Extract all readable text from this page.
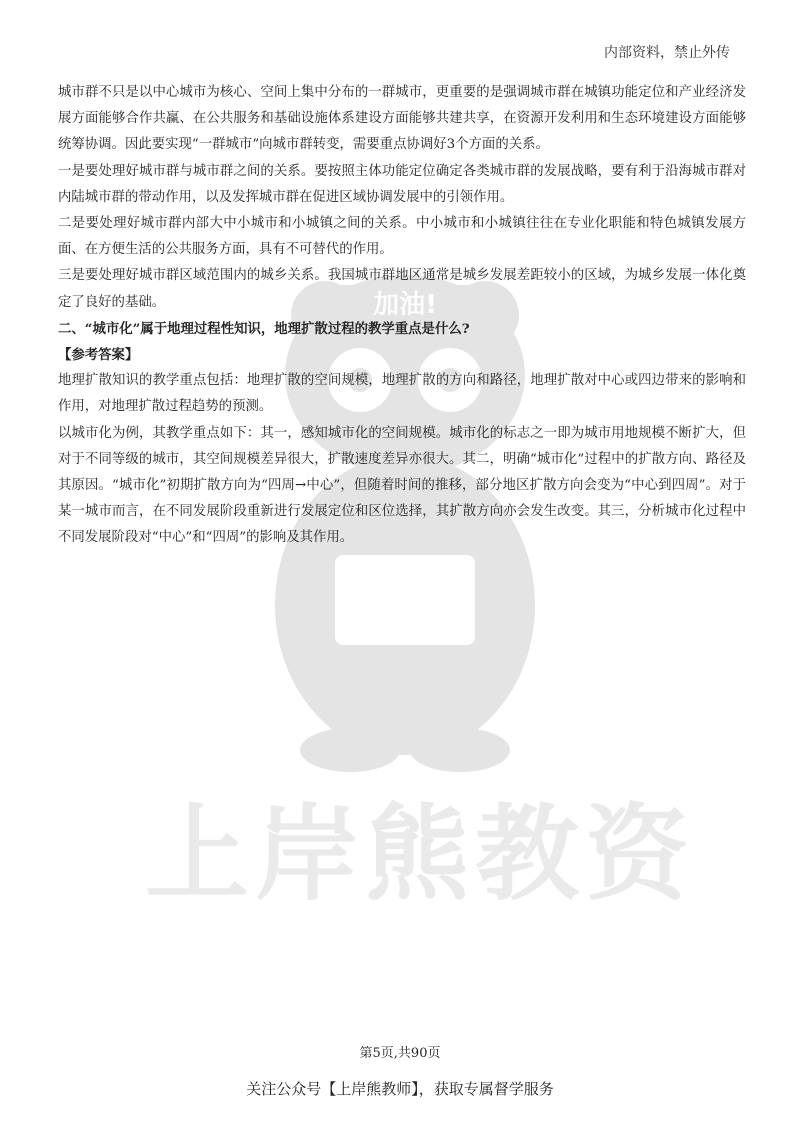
加油!
上岸熊教资
内部资料，禁止外传

城市群不只是以中心城市为核心、空间上集中分布的一群城市，更重要的是强调城市群在城镇功能定位和产业经济发展方面能够合作共赢、在公共服务和基础设施体系建设方面能够共建共享，在资源开发利用和生态环境建设方面能够统筹协调。因此要实现“一群城市”向城市群转变，需要重点协调好3个方面的关系。

一是要处理好城市群与城市群之间的关系。要按照主体功能定位确定各类城市群的发展战略，要有利于沿海城市群对内陆城市群的带动作用，以及发挥城市群在促进区域协调发展中的引领作用。

二是要处理好城市群内部大中小城市和小城镇之间的关系。中小城市和小城镇往往在专业化职能和特色城镇发展方面、在方便生活的公共服务方面，具有不可替代的作用。

三是要处理好城市群区域范围内的城乡关系。我国城市群地区通常是城乡发展差距较小的区域，为城乡发展一体化奠定了良好的基础。

二、“城市化”属于地理过程性知识，地理扩散过程的教学重点是什么?

【参考答案】

地理扩散知识的教学重点包括：地理扩散的空间规模，地理扩散的方向和路径，地理扩散对中心或四边带来的影响和作用，对地理扩散过程趋势的预测。

以城市化为例，其教学重点如下：其一，感知城市化的空间规模。城市化的标志之一即为城市用地规模不断扩大，但对于不同等级的城市，其空间规模差异很大，扩散速度差异亦很大。其二，明确“城市化”过程中的扩散方向、路径及其原因。“城市化”初期扩散方向为“四周→中心”，但随着时间的推移，部分地区扩散方向会变为“中心到四周”。对于某一城市而言，在不同发展阶段重新进行发展定位和区位选择，其扩散方向亦会发生改变。其三，分析城市化过程中不同发展阶段对“中心”和“四周”的影响及其作用。

第5页,共90页
关注公众号【上岸熊教师】，获取专属督学服务
